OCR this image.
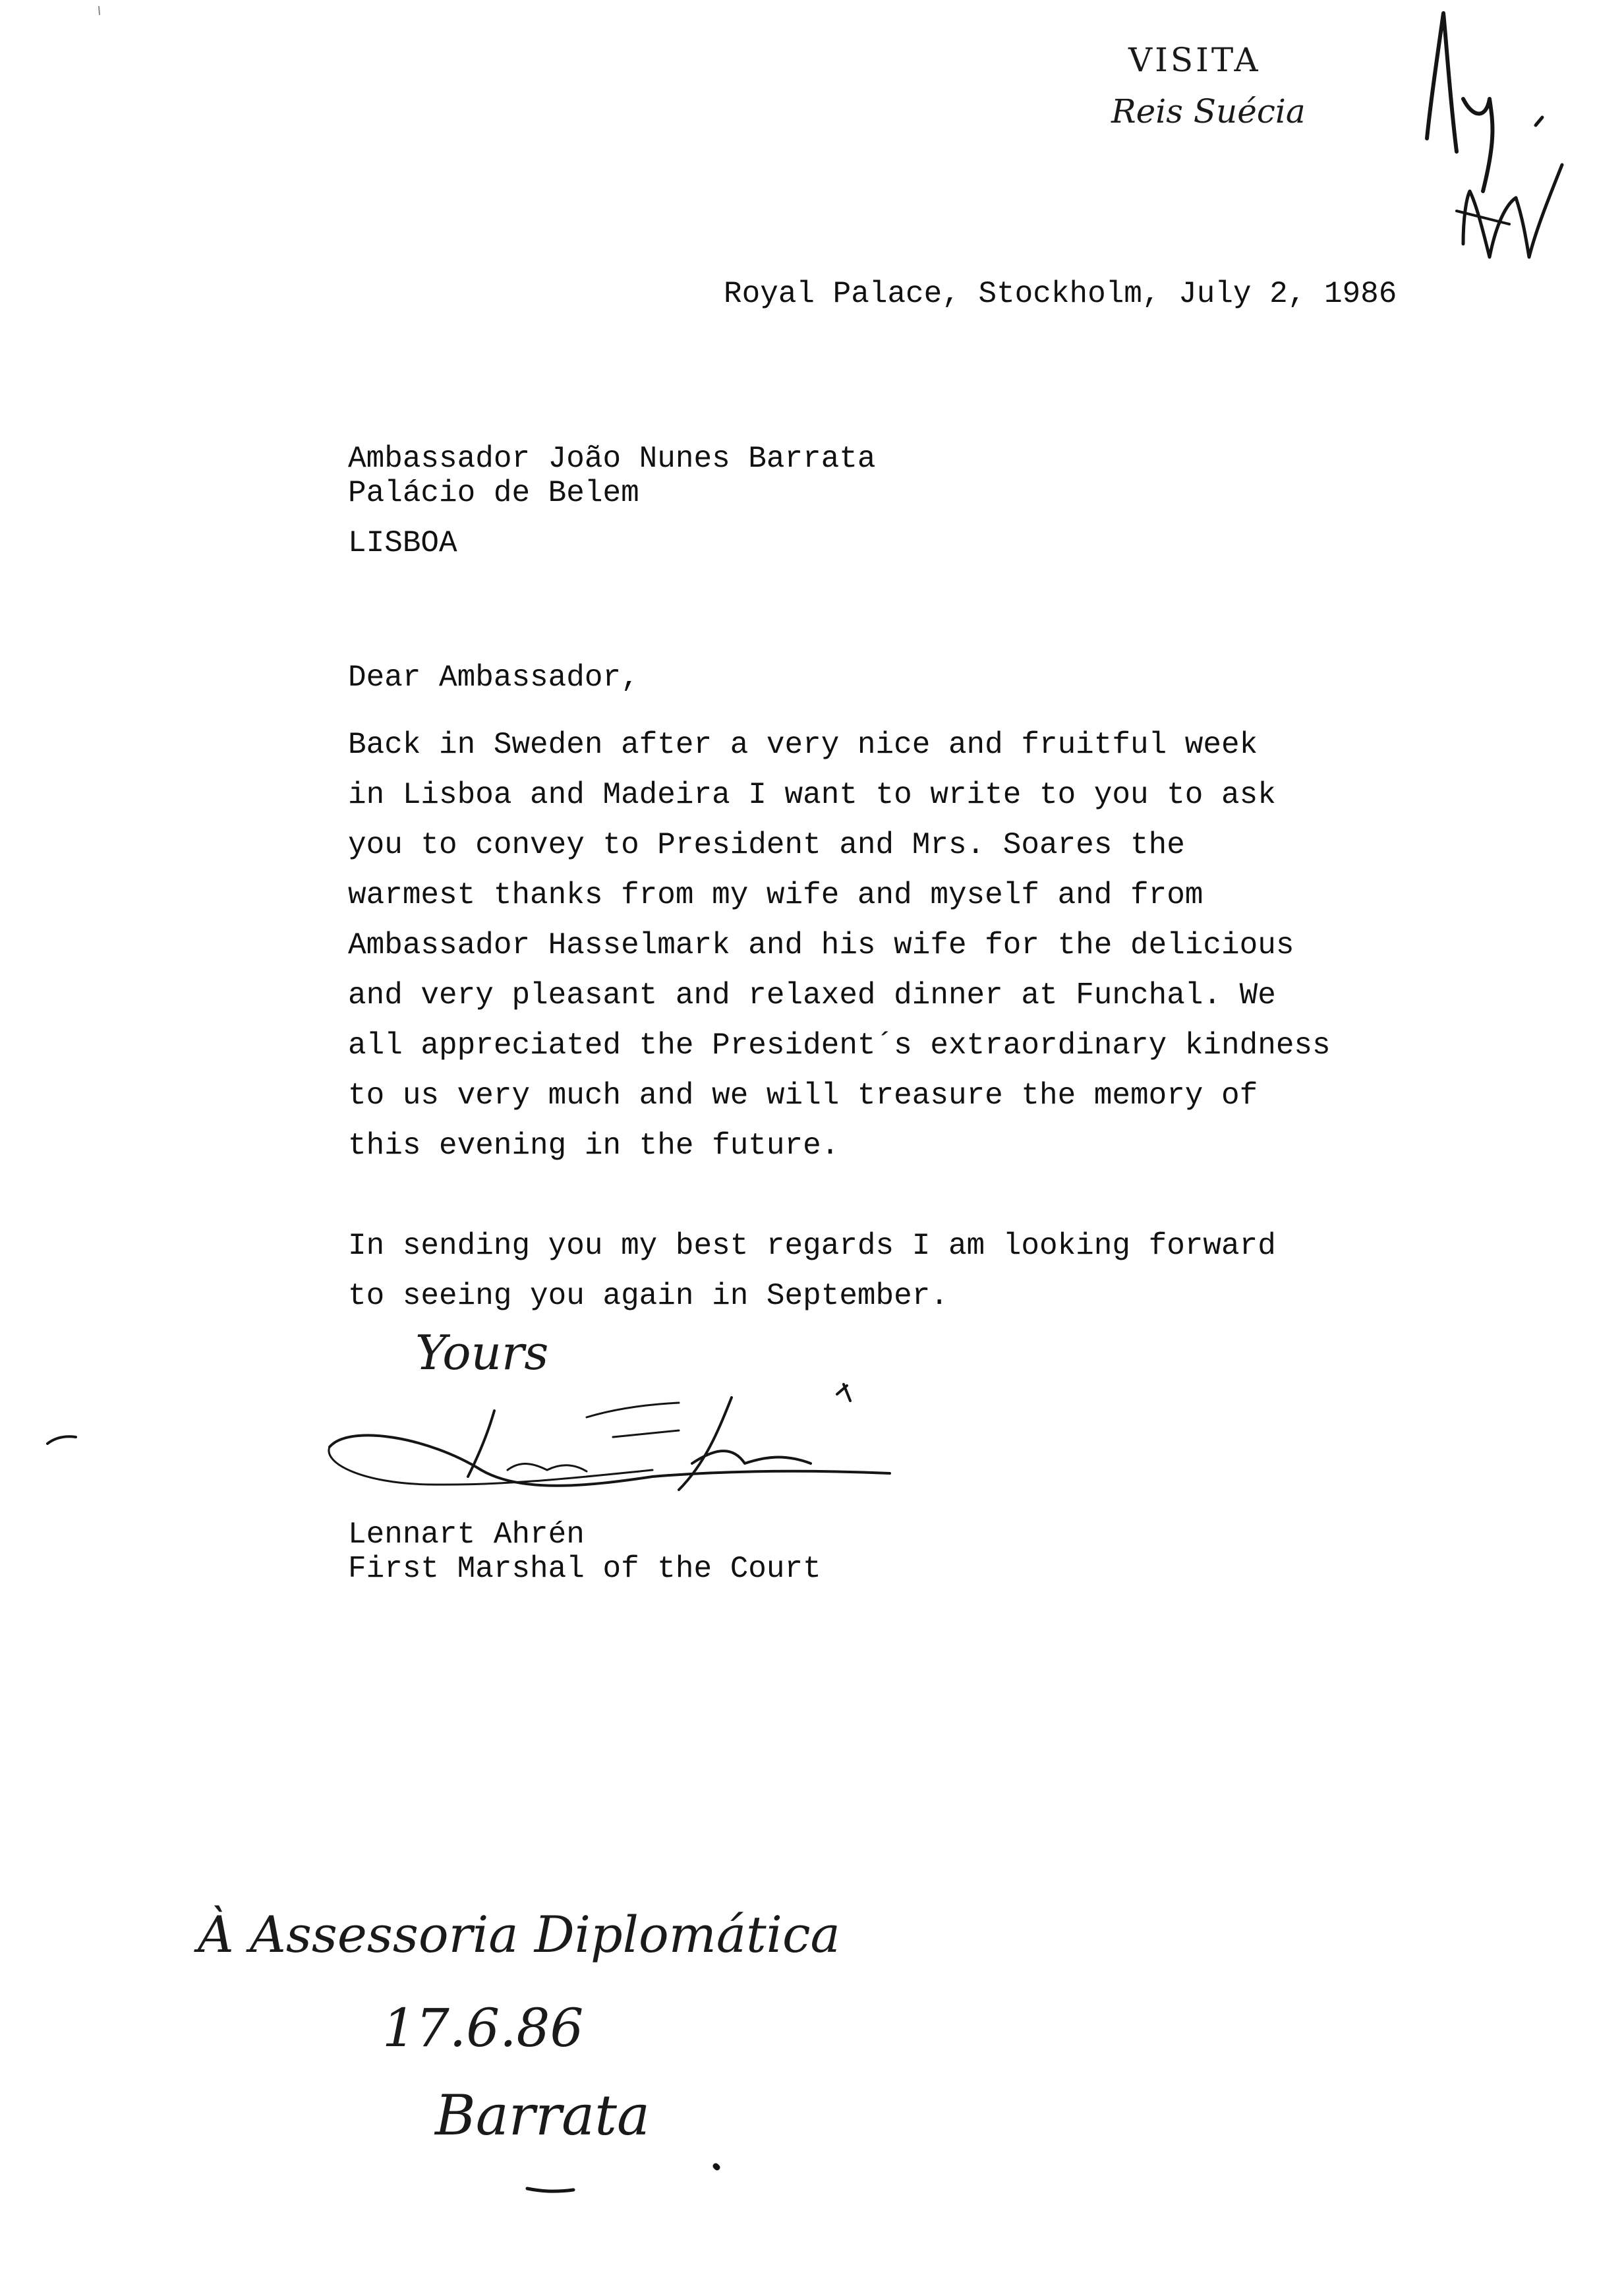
VISITA
Reis Suécia
Royal Palace, Stockholm, July 2, 1986
Ambassador João Nunes Barrata
Palácio de Belem
LISBOA
Dear Ambassador,
Back in Sweden after a very nice and fruitful week
in Lisboa and Madeira I want to write to you to ask
you to convey to President and Mrs. Soares the
warmest thanks from my wife and myself and from
Ambassador Hasselmark and his wife for the delicious
and very pleasant and relaxed dinner at Funchal. We
all appreciated the President´s extraordinary kindness
to us very much and we will treasure the memory of
this evening in the future.
In sending you my best regards I am looking forward
to seeing you again in September.
Yours
Lennart Ahrén
First Marshal of the Court
À Assessoria Diplomática
17.6.86
Barrata
